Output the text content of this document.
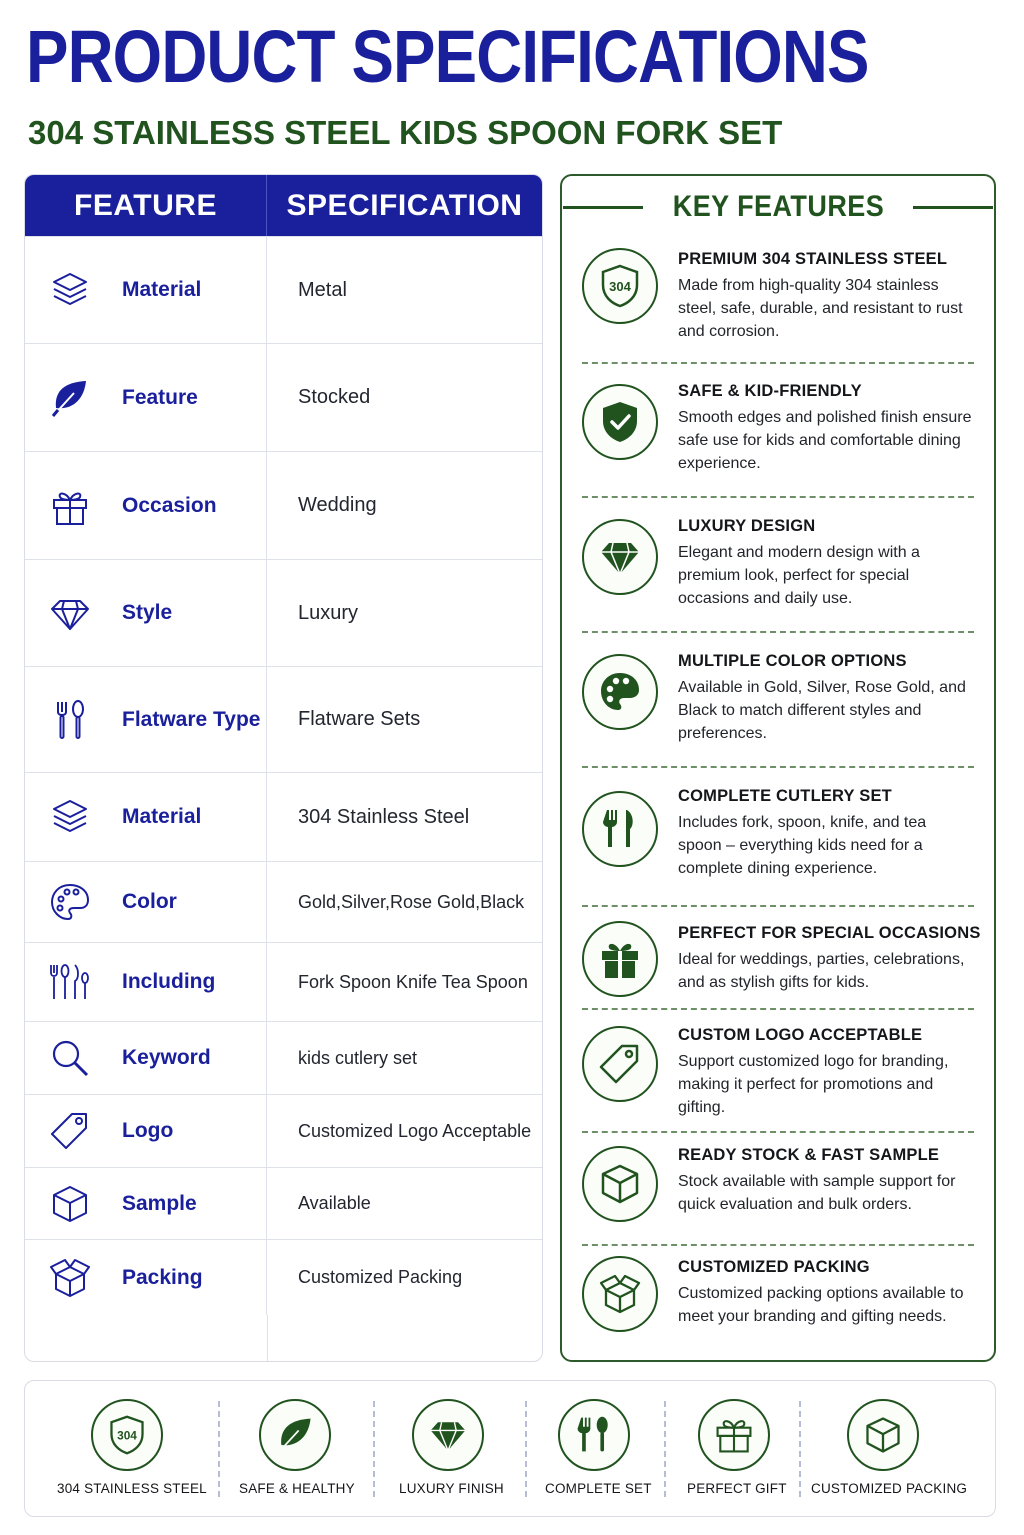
PRODUCT SPECIFICATIONS
304 STAINLESS STEEL KIDS SPOON FORK SET
FEATURE	SPECIFICATION
Material	Metal
Feature	Stocked
Occasion	Wedding
Style	Luxury
Flatware Type	Flatware Sets
Material	304 Stainless Steel
Color	Gold,Silver,Rose Gold,Black
Including	Fork Spoon Knife Tea Spoon
Keyword	kids cutlery set
Logo	Customized Logo Acceptable
Sample	Available
Packing	Customized Packing
KEY FEATURES
304
PREMIUM 304 STAINLESS STEEL
Made from high-quality 304 stainless steel, safe, durable, and resistant to rust and corrosion.
SAFE & KID-FRIENDLY
Smooth edges and polished finish ensure safe use for kids and comfortable dining experience.
LUXURY DESIGN
Elegant and modern design with a premium look, perfect for special occasions and daily use.
MULTIPLE COLOR OPTIONS
Available in Gold, Silver, Rose Gold, and Black to match different styles and preferences.
COMPLETE CUTLERY SET
Includes fork, spoon, knife, and tea spoon – everything kids need for a complete dining experience.
PERFECT FOR SPECIAL OCCASIONS
Ideal for weddings, parties, celebrations, and as stylish gifts for kids.
CUSTOM LOGO ACCEPTABLE
Support customized logo for branding, making it perfect for promotions and gifting.
READY STOCK & FAST SAMPLE
Stock available with sample support for quick evaluation and bulk orders.
CUSTOMIZED PACKING
Customized packing options available to meet your branding and gifting needs.
304
304 STAINLESS STEEL SAFE & HEALTHY	LUXURY FINISH	COMPLETE SET	PERFECT GIFT CUSTOMIZED PACKING
